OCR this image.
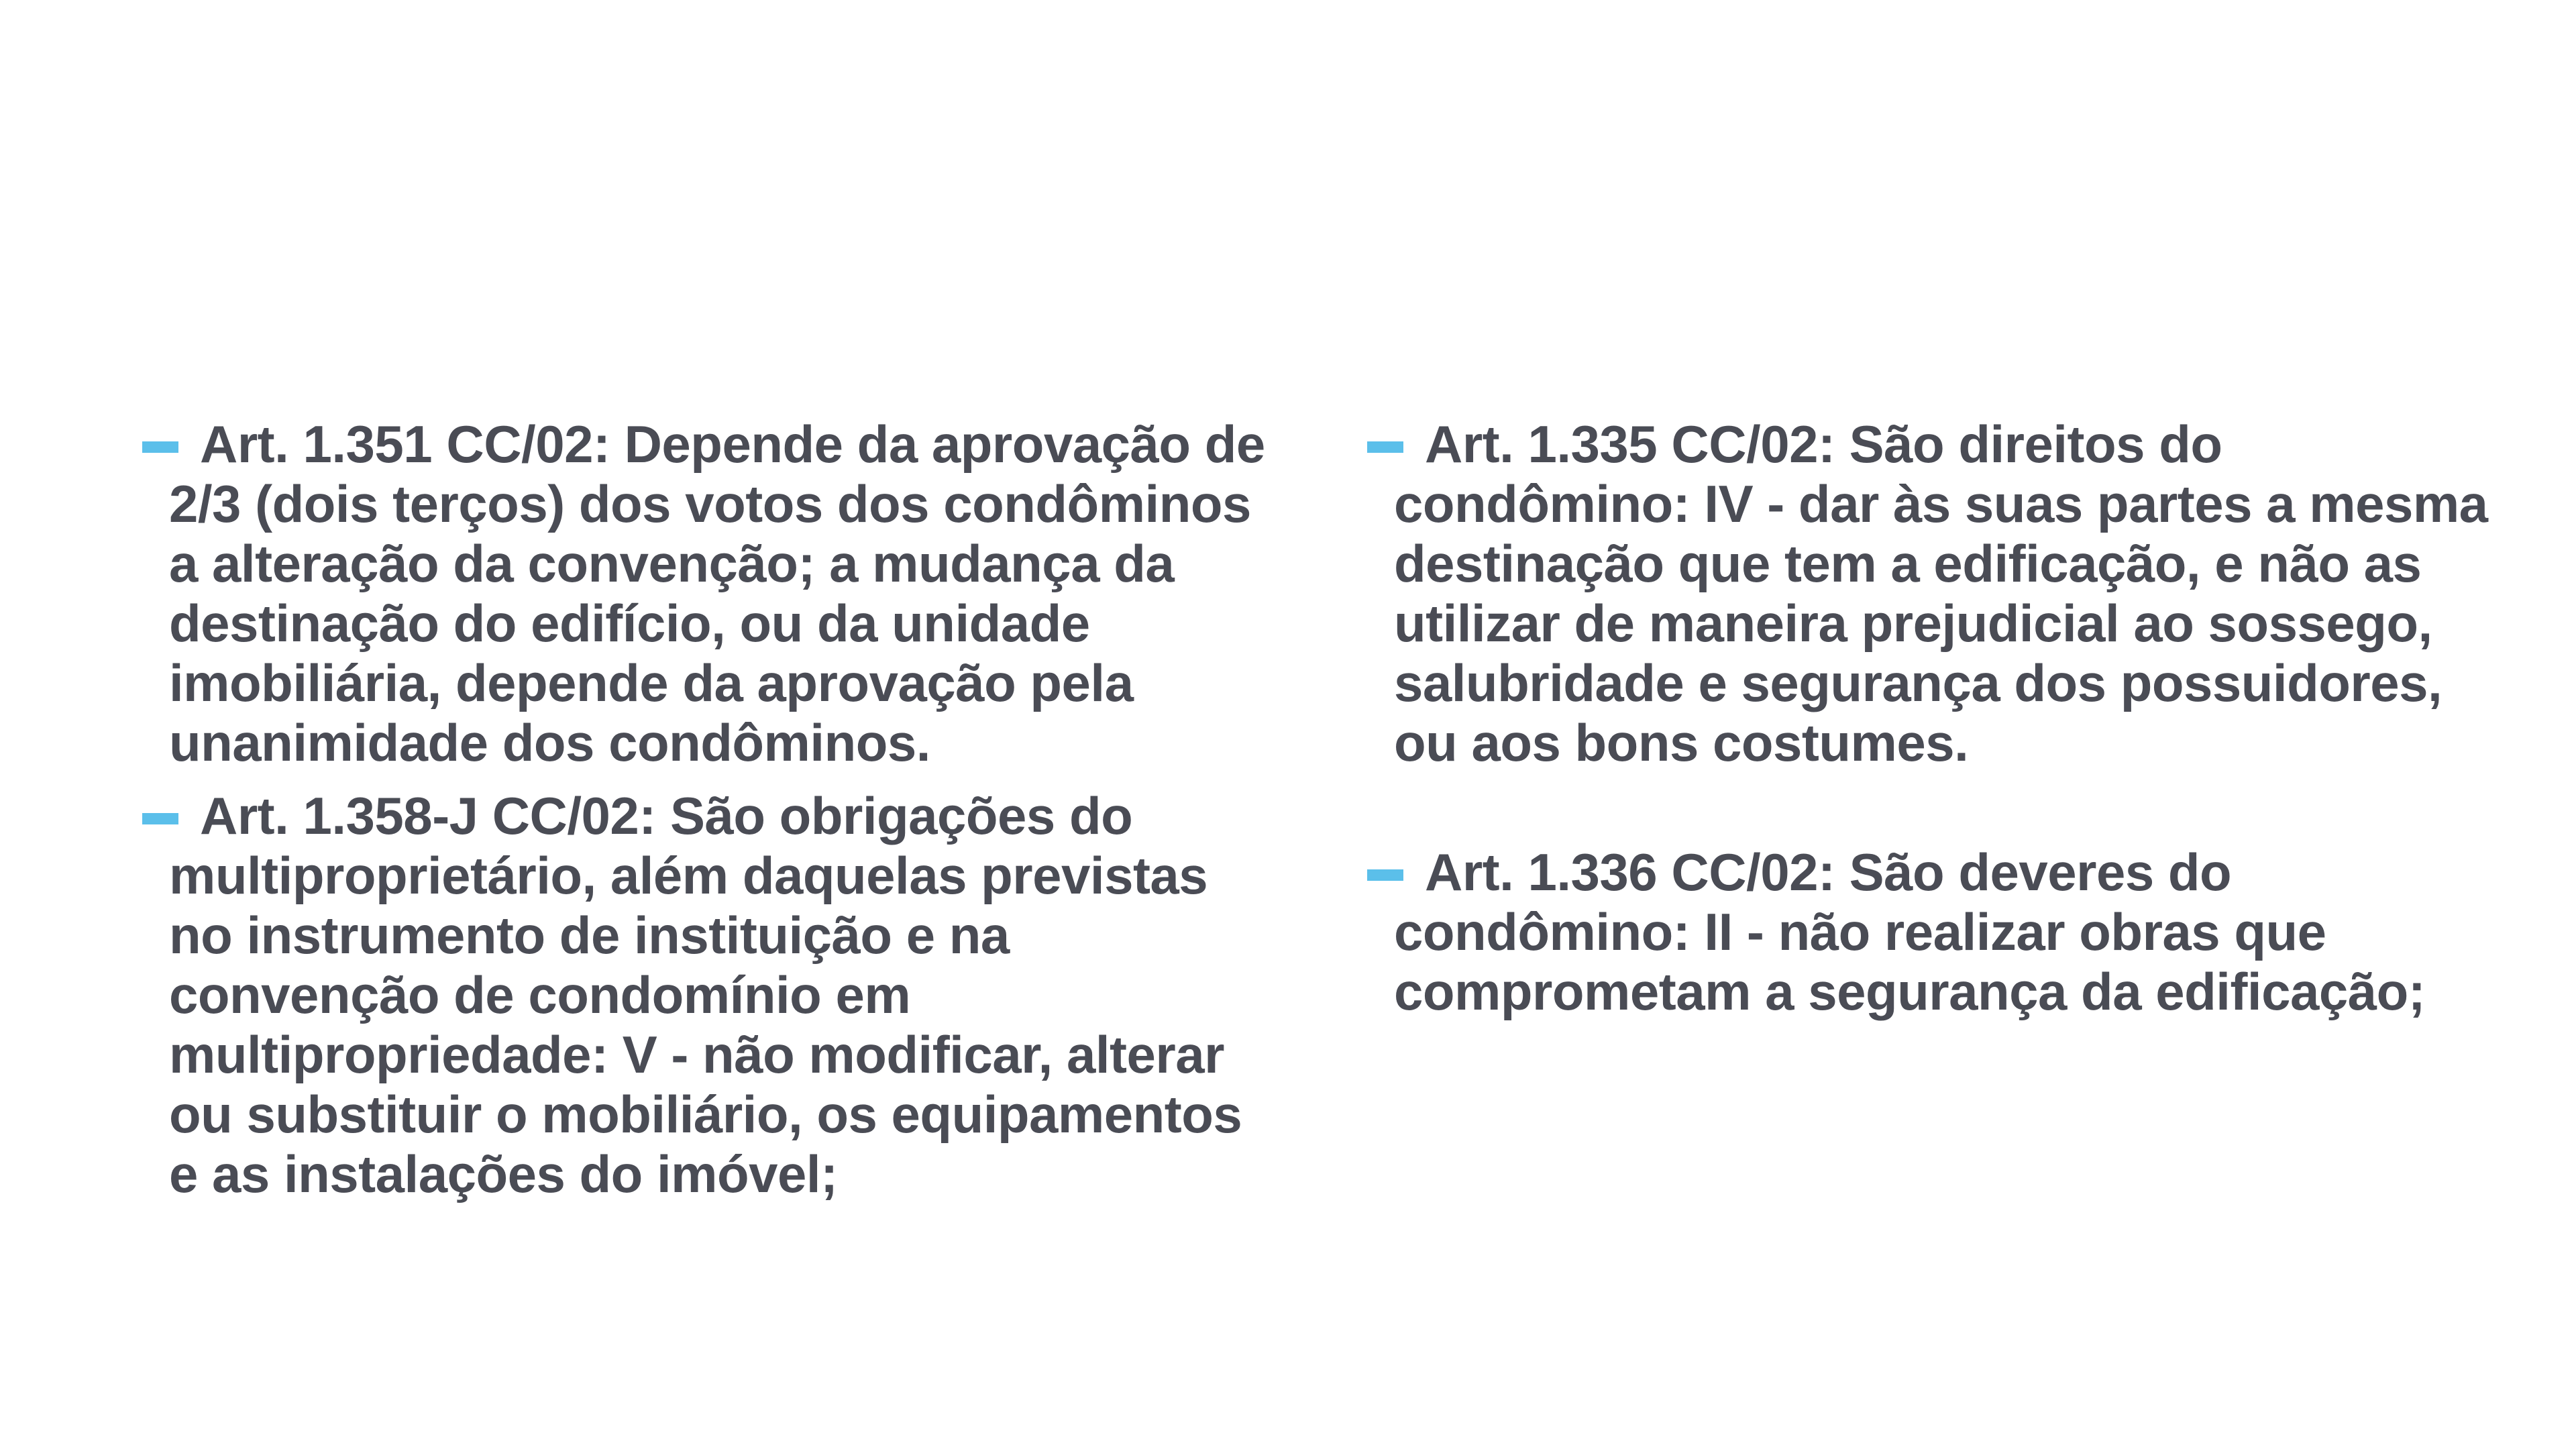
Art. 1.351 CC/02: Depende da aprovação de 2/3 (dois terços) dos votos dos condôminos a alteração da convenção; a mudança da destinação do edifício, ou da unidade imobiliária, depende da aprovação pela unanimidade dos condôminos.
Art. 1.358-J CC/02: São obrigações do multiproprietário, além daquelas previstas no instrumento de instituição e na convenção de condomínio em multipropriedade: V - não modificar, alterar ou substituir o mobiliário, os equipamentos e as instalações do imóvel;
Art. 1.335 CC/02: São direitos do condômino: IV - dar às suas partes a mesma destinação que tem a edificação, e não as utilizar de maneira prejudicial ao sossego, salubridade e segurança dos possuidores, ou aos bons costumes.
Art. 1.336 CC/02: São deveres do condômino: II - não realizar obras que comprometam a segurança da edificação;
